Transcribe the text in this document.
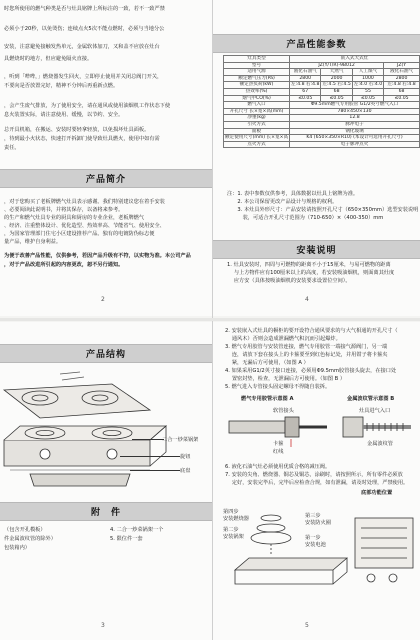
时您所使用的燃气种类是否与灶具铭牌上所标注的一致，若不一致严禁
必须小于20秒，以免烫伤；连续点火5次不能点燃时，必须与当地分公
安装，注意避免接触发热单元，金属软体加刀，又和盖不应放在灶台
具燃烧时的地方，但应避免隔火直接。
，听到「哔哔，」燃烧器发生回火，立即停止使用并关闭总阀门开关，
不要向是否放置完好，精神不分钟后再重新点燃。
，会产生废气排放，为了使用安全，请在通风或使用油烟机工作状态下使
息火装置实际，请注意使用、缓慢，以节约、安全。
总开具机箱，在搬运、安装时要轻拿轻放，以免损坏灶具面板。
，待到最小火状态，快速打开拆卸门使导致灶具燃火，使用中如有需
责任。
产品简介
，对于您购买了老板牌燃气灶具表示感谢。我们特别建议您在着手安装
、必要阅读此说明书，并将其保存，以备将来参考。
的生产和燃气灶具专业的厨具和厨房的专业企业，老板牌燃气
、经济、注重整体设计、优化造型、热效率高、节能省气、使用安全、
，为国家管理部门住宅小区建设推荐产品。独有的电镀防伪标志便
量产品，维护自身利益。
为便于改善产品性能，仅供参考，若因产品升级有不符，以实物为准。本公司产品
，对于产品改进所引起的内容更改，恕不另行通知。
2
产品性能参数
灶具类型	嵌入式大式灶			
型号	JZ(Y/T/R)-9B012			JZ(Y
适用气源	液化石油气	天然气	人工煤气	液化石油气
额定燃气压力(Pa)	2800	2000	1000	2800
额定热负荷(kW)	左:4.8 右:4.8	左:4.5 右:4.5	左:4.0 右:4.0	左:4.8 右:4.8
热效率(%)	67	68	55	68
烟气中CO(%)	≤0.05	≤0.05	≤0.05	≤0.05
燃气入口	Φ9.5mm燃气专用胶管 G1/2英寸燃气入口			
开孔尺寸 长×宽×高(mm)	780×450×130			
净重(kg)	12.8			
引火方式	脉冲电子			
面板	钢化玻璃			
额定使用尺寸(mm) 长×宽×高	K4 (650×350×R10) (本设计可选用开孔尺寸)			
点火方式	电子脉冲点火			
注：1. 表中参数仅供参考，具体数据以灶具上铭牌为准。
　　2. 本公司保留更改产品设计与规格的权利。
　　3. 本灶具外形尺寸：产品安装请按照开孔尺寸（650×350mm）选型安装说明
　　　装，可适合开孔尺寸范围为（710-650）×（400-350）mm
安装说明
1. 灶具安装时，四周与可燃物的距离不小于15厘米，与易可燃物的距离
　 与上方物件应有100厘米以上的高度，若安装吸油烟机，则面离其灶度
　 应方安（具体按吸油烟机的安装要求设置位空间）。
4
产品结构
二合一炒菜锅架
旋钮
底盘
附　件
（包含开孔模板）
件金属波纹管的除外）
包装箱内）
4. 二合一炒菜锅架一个
5. 限位件一套
3
2. 安装嵌入式灶具的橱柜的要开设符合通风要求的与大气相通的开孔尺寸（
　 通风木）否则会造成泄漏燃气积沉而引起爆炸。
3. 燃气专用胶管与安装管连接，燃气专用胶管一端接气源阀门，另一端
　 连，请放下套在接头上的卡箍要至到红色标记处，并用钳子将卡箍夹
　 紧，无漏后方可使用，（如图 A ）
4. 如果采用G1/2英寸接口连接，必须用Φ9.5mm胶管接头旋去，在接口处
　 置密封垫，检查，无泄漏后方可使用。（如图 B ）
5. 燃气进入专管接头固定螺母不得随自装拆。
燃气专用胶管示意图 A	金属波纹管示意图 B
软管接头
卡箍
红线
灶具进气入口
金属波纹管
6. 液化石油气灶必须使用优质合格的减压阀。
7. 安装的尖角、燃烧器、铜芯及铜芯，涂刷时，请按照所示，所有零件必须放
　 定好，安装完毕后，完毕后应检查合规，如有泄漏，请及时处理，严禁使用。
底部功能位置
第四步
安装燃烧器	第三步
安装防火圈
第二步
安装锅架	第一步
安装电池
5
